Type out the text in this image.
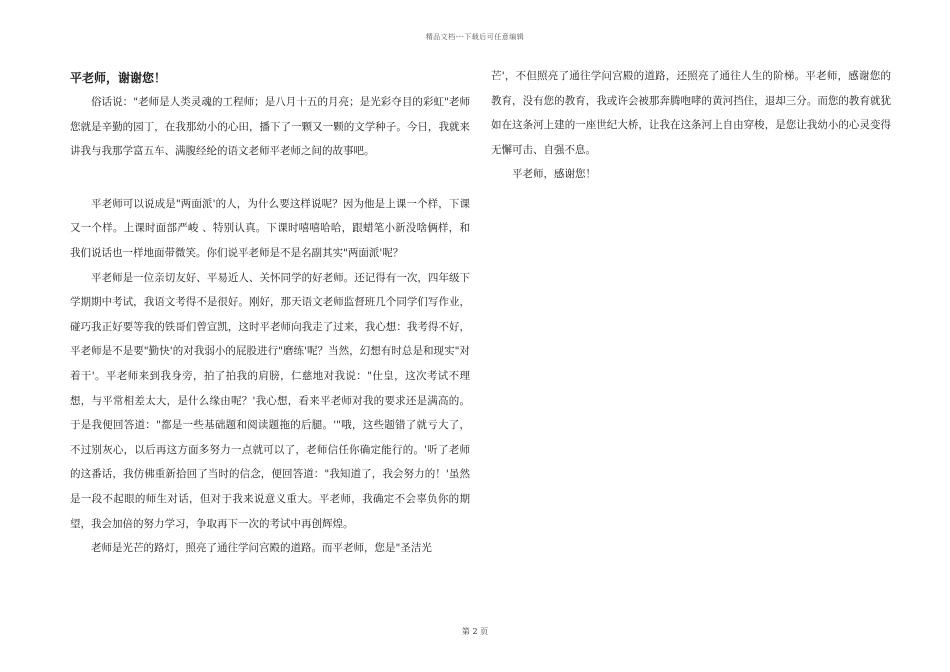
精品文档---下载后可任意编辑
平老师，谢谢您！

俗话说："老师是人类灵魂的工程师；是八月十五的月亮；是光彩夺目的彩虹"老师您就是辛勤的园丁，在我那幼小的心田，播下了一颗又一颗的文学种子。今日，我就来讲我与我那学富五车、满腹经纶的语文老师平老师之间的故事吧。

平老师可以说成是"两面派'的人，为什么要这样说呢？因为他是上课一个样，下课又一个样。上课时面部严峻 、特别认真。下课时嘻嘻哈哈，跟蜡笔小新没啥俩样，和我们说话也一样地面带微笑。你们说平老师是不是名副其实"两面派'呢？

平老师是一位亲切友好、平易近人、关怀同学的好老师。还记得有一次，四年级下学期期中考试，我语文考得不是很好。刚好，那天语文老师监督班几个同学们写作业，碰巧我正好要等我的铁哥们曾宣凯，这时平老师向我走了过来，我心想：我考得不好，平老师是不是要"勤快'的对我弱小的屁股进行"磨练'呢？当然，幻想有时总是和现实"对着干'。平老师来到我身旁，拍了拍我的肩膀，仁慈地对我说："仕皇，这次考试不理想，与平常相差太大，是什么缘由呢？'我心想，看来平老师对我的要求还是满高的。于是我便回答道："都是一些基础题和阅读题拖的后腿。'"哦，这些题错了就亏大了，不过别灰心，以后再这方面多努力一点就可以了，老师信任你确定能行的。'听了老师的这番话，我仿佛重新拾回了当时的信念，便回答道："我知道了，我会努力的！'虽然是一段不起眼的师生对话，但对于我来说意义重大。平老师，我确定不会辜负你的期望，我会加倍的努力学习，争取再下一次的考试中再创辉煌。

老师是光芒的路灯，照亮了通往学问宫殿的道路。而平老师，您是"圣洁光

芒'，不但照亮了通往学问宫殿的道路，还照亮了通往人生的阶梯。平老师，感谢您的教育，没有您的教育，我或许会被那奔腾咆哮的黄河挡住，退却三分。而您的教育就犹如在这条河上建的一座世纪大桥，让我在这条河上自由穿梭，是您让我幼小的心灵变得无懈可击、自强不息。

平老师，感谢您！

第 2 页
